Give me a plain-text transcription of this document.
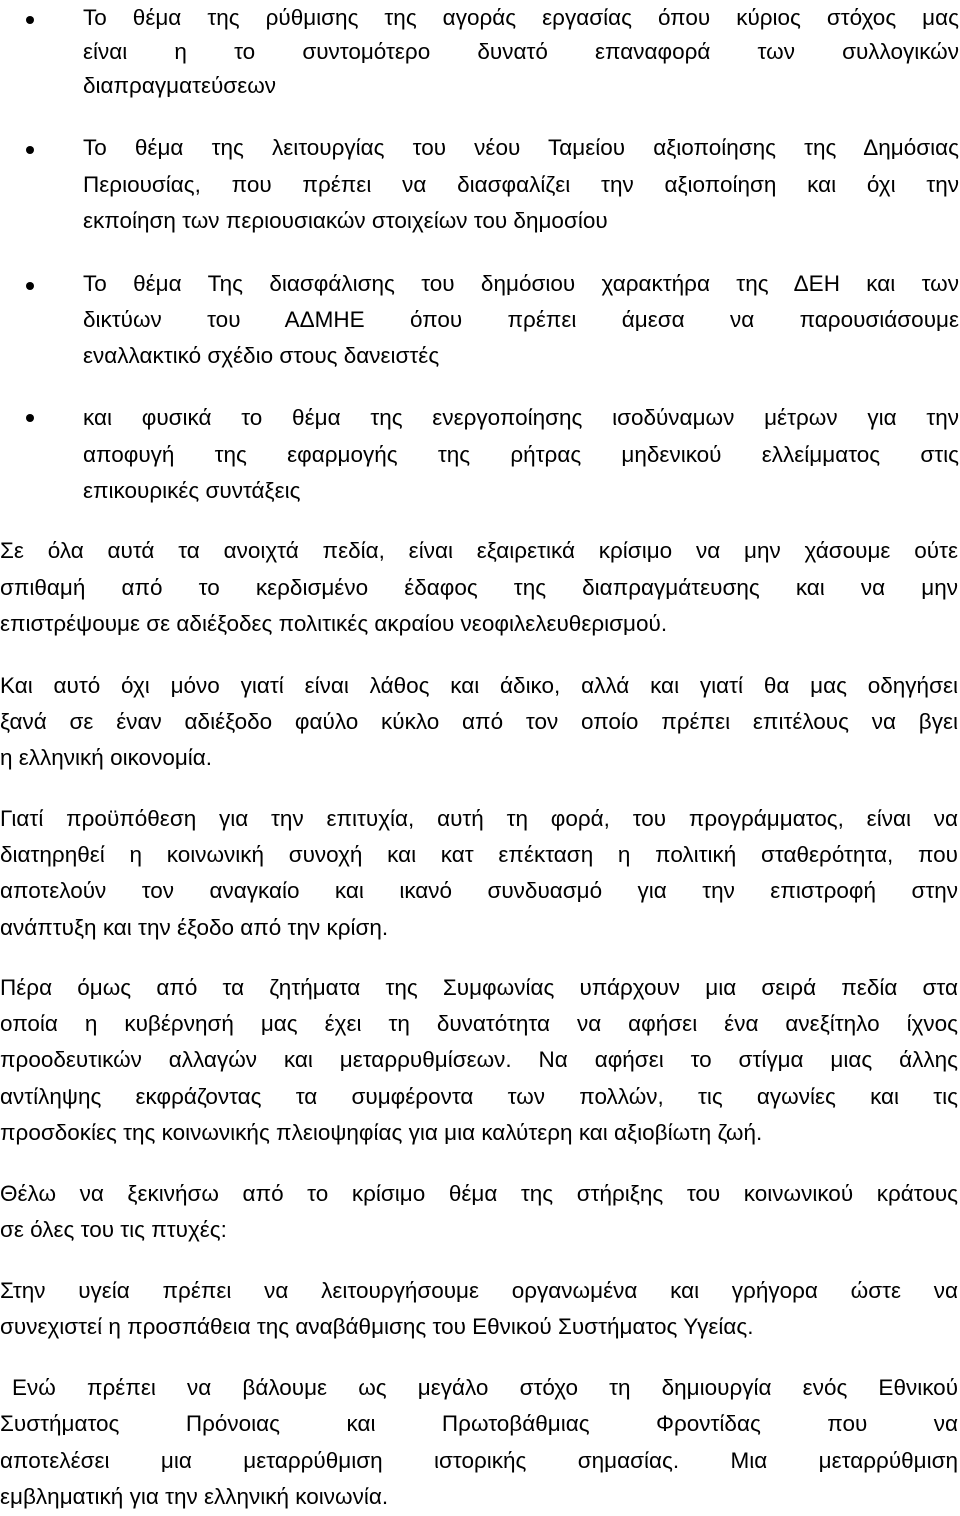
Το θέμα της ρύθμισης της αγοράς εργασίας όπου κύριος στόχος μας
είναι η το συντομότερο δυνατό επαναφορά των συλλογικών
διαπραγματεύσεων
Το θέμα της λειτουργίας του νέου Ταμείου αξιοποίησης της Δημόσιας
Περιουσίας, που πρέπει να διασφαλίζει την αξιοποίηση και όχι την
εκποίηση των περιουσιακών στοιχείων του δημοσίου
Το θέμα Της διασφάλισης του δημόσιου χαρακτήρα της ΔΕΗ και των
δικτύων του ΑΔΜΗΕ όπου πρέπει άμεσα να παρουσιάσουμε
εναλλακτικό σχέδιο στους δανειστές
και φυσικά το θέμα της ενεργοποίησης ισοδύναμων μέτρων για την
αποφυγή της εφαρμογής της ρήτρας μηδενικού ελλείμματος στις
επικουρικές συντάξεις
Σε όλα αυτά τα ανοιχτά πεδία, είναι εξαιρετικά κρίσιμο να μην χάσουμε ούτε
σπιθαμή από το κερδισμένο έδαφος της διαπραγμάτευσης και να μην
επιστρέψουμε σε αδιέξοδες πολιτικές ακραίου νεοφιλελευθερισμού.
Και αυτό όχι μόνο γιατί είναι λάθος και άδικο, αλλά και γιατί θα μας οδηγήσει
ξανά σε έναν αδιέξοδο φαύλο κύκλο από τον οποίο πρέπει επιτέλους να βγει
η ελληνική οικονομία.
Γιατί προϋπόθεση για την επιτυχία, αυτή τη φορά, του προγράμματος, είναι να
διατηρηθεί η κοινωνική συνοχή και κατ επέκταση η πολιτική σταθερότητα, που
αποτελούν τον αναγκαίο και ικανό συνδυασμό για την επιστροφή στην
ανάπτυξη και την έξοδο από την κρίση.
Πέρα όμως από τα ζητήματα της Συμφωνίας υπάρχουν μια σειρά πεδία στα
οποία η κυβέρνησή μας έχει τη δυνατότητα να αφήσει ένα ανεξίτηλο ίχνος
προοδευτικών αλλαγών και μεταρρυθμίσεων. Να αφήσει το στίγμα μιας άλλης
αντίληψης εκφράζοντας τα συμφέροντα των πολλών, τις αγωνίες και τις
προσδοκίες της κοινωνικής πλειοψηφίας για μια καλύτερη και αξιοβίωτη ζωή.
Θέλω να ξεκινήσω από το κρίσιμο θέμα της στήριξης του κοινωνικού κράτους
σε όλες του τις πτυχές:
Στην υγεία πρέπει να λειτουργήσουμε οργανωμένα και γρήγορα ώστε να
συνεχιστεί η προσπάθεια της αναβάθμισης του Εθνικού Συστήματος Υγείας.
Ενώ πρέπει να βάλουμε ως μεγάλο στόχο τη δημιουργία ενός Εθνικού
Συστήματος Πρόνοιας και Πρωτοβάθμιας Φροντίδας που να
αποτελέσει μια μεταρρύθμιση ιστορικής σημασίας. Μια μεταρρύθμιση
εμβληματική για την ελληνική κοινωνία.
